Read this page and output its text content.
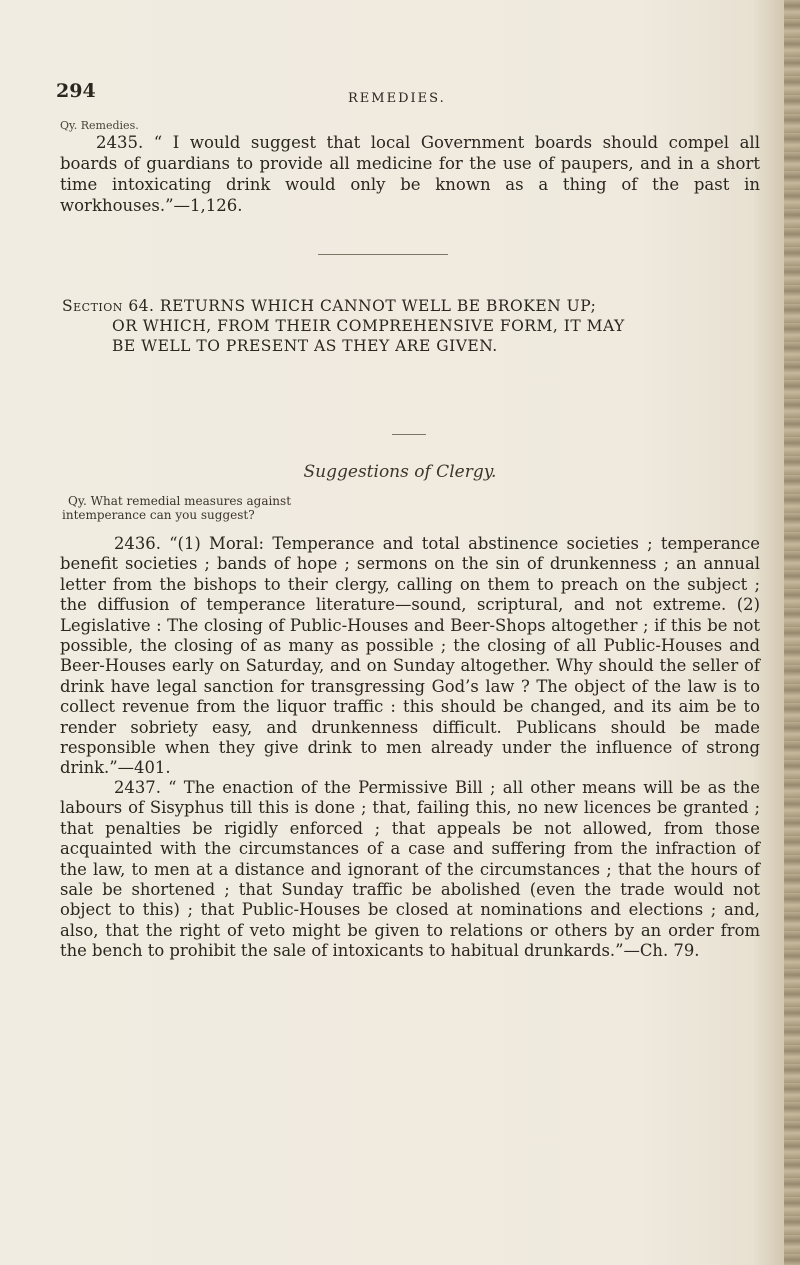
294	REMEDIES.
Qy. Remedies.
2435. “ I would suggest that local Government boards should compel all boards of guardians to provide all medicine for the use of paupers, and in a short time intoxicating drink would only be known as a thing of the past in workhouses.”—1,126.
Section 64. RETURNS WHICH CANNOT WELL BE BROKEN UP;
OR WHICH, FROM THEIR COMPREHENSIVE FORM, IT MAY
BE WELL TO PRESENT AS THEY ARE GIVEN.
Suggestions of Clergy.
Qy. What remedial measures against
intemperance can you suggest?
2436. “(1) Moral: Temperance and total abstinence societies ; temperance benefit societies ; bands of hope ; sermons on the sin of drunkenness ; an annual letter from the bishops to their clergy, calling on them to preach on the subject ; the diffusion of temperance literature—sound, scriptural, and not extreme. (2) Legislative : The closing of Public-Houses and Beer-Shops altogether ; if this be not possible, the closing of as many as possible ; the closing of all Public-Houses and Beer-Houses early on Saturday, and on Sunday altogether. Why should the seller of drink have legal sanction for transgressing God’s law ? The object of the law is to collect revenue from the liquor traffic : this should be changed, and its aim be to render sobriety easy, and drunkenness difficult. Publicans should be made responsible when they give drink to men already under the influence of strong drink.”—401.
2437. “ The enaction of the Permissive Bill ; all other means will be as the labours of Sisyphus till this is done ; that, failing this, no new licences be granted ; that penalties be rigidly enforced ; that appeals be not allowed, from those acquainted with the circumstances of a case and suffering from the infraction of the law, to men at a distance and ignorant of the circumstances ; that the hours of sale be shortened ; that Sunday traffic be abolished (even the trade would not object to this) ; that Public-Houses be closed at nominations and elections ; and, also, that the right of veto might be given to relations or others by an order from the bench to prohibit the sale of intoxicants to habitual drunkards.”—Ch. 79.
